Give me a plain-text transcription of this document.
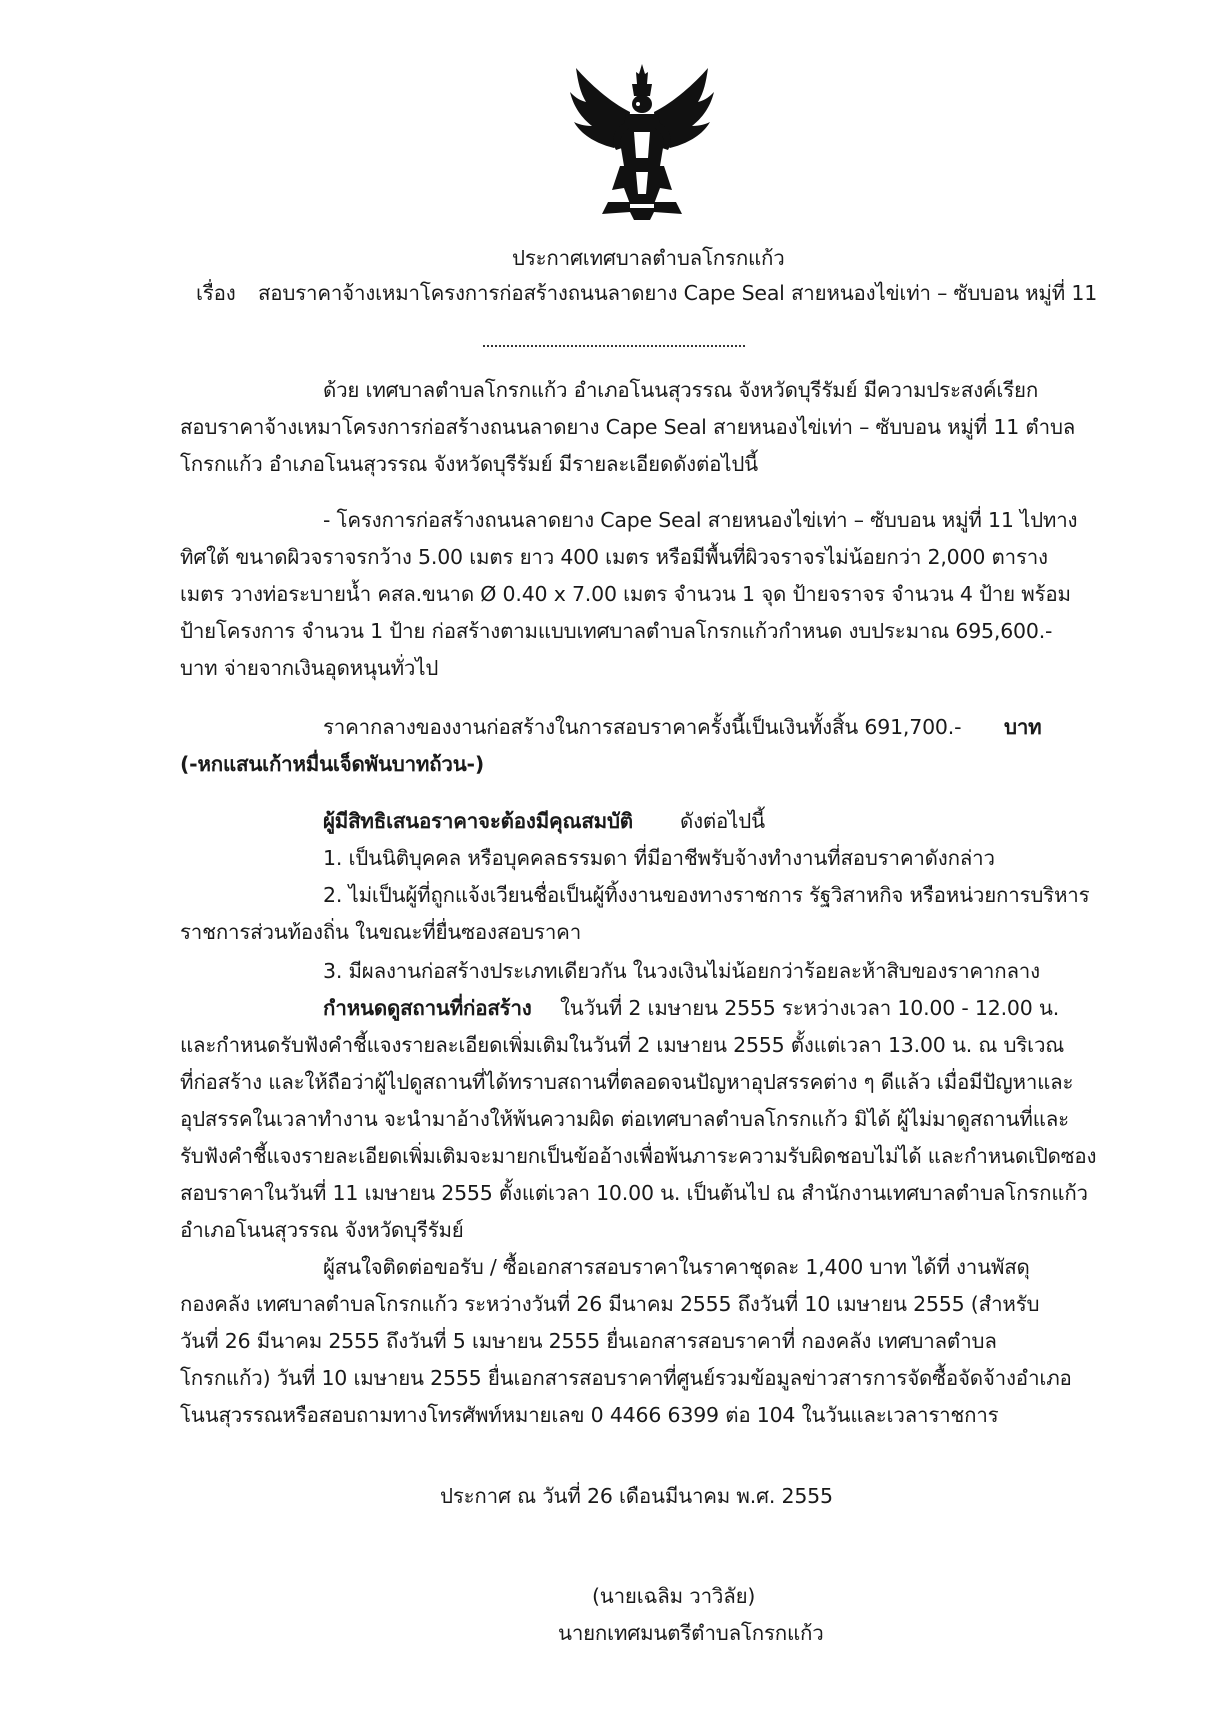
ประกาศเทศบาลตำบลโกรกแก้ว
เรื่อง สอบราคาจ้างเหมาโครงการก่อสร้างถนนลาดยาง Cape Seal สายหนองไข่เท่า – ซับบอน หมู่ที่ 11
ด้วย เทศบาลตำบลโกรกแก้ว อำเภอโนนสุวรรณ จังหวัดบุรีรัมย์ มีความประสงค์เรียก
สอบราคาจ้างเหมาโครงการก่อสร้างถนนลาดยาง Cape Seal สายหนองไข่เท่า – ซับบอน หมู่ที่ 11 ตำบล
โกรกแก้ว อำเภอโนนสุวรรณ จังหวัดบุรีรัมย์ มีรายละเอียดดังต่อไปนี้
- โครงการก่อสร้างถนนลาดยาง Cape Seal สายหนองไข่เท่า – ซับบอน หมู่ที่ 11 ไปทาง
ทิศใต้ ขนาดผิวจราจรกว้าง 5.00 เมตร ยาว 400 เมตร หรือมีพื้นที่ผิวจราจรไม่น้อยกว่า 2,000 ตาราง
เมตร วางท่อระบายน้ำ คสล.ขนาด Ø 0.40 x 7.00 เมตร จำนวน 1 จุด ป้ายจราจร จำนวน 4 ป้าย พร้อม
ป้ายโครงการ จำนวน 1 ป้าย ก่อสร้างตามแบบเทศบาลตำบลโกรกแก้วกำหนด งบประมาณ 695,600.-
บาท จ่ายจากเงินอุดหนุนทั่วไป
ราคากลางของงานก่อสร้างในการสอบราคาครั้งนี้เป็นเงินทั้งสิ้น 691,700.- บาท
(-หกแสนเก้าหมื่นเจ็ดพันบาทถ้วน-)
ผู้มีสิทธิเสนอราคาจะต้องมีคุณสมบัติ ดังต่อไปนี้
1. เป็นนิติบุคคล หรือบุคคลธรรมดา ที่มีอาชีพรับจ้างทำงานที่สอบราคาดังกล่าว
2. ไม่เป็นผู้ที่ถูกแจ้งเวียนชื่อเป็นผู้ทิ้งงานของทางราชการ รัฐวิสาหกิจ หรือหน่วยการบริหาร
ราชการส่วนท้องถิ่น ในขณะที่ยื่นซองสอบราคา
3. มีผลงานก่อสร้างประเภทเดียวกัน ในวงเงินไม่น้อยกว่าร้อยละห้าสิบของราคากลาง
กำหนดดูสถานที่ก่อสร้าง ในวันที่ 2 เมษายน 2555 ระหว่างเวลา 10.00 - 12.00 น.
และกำหนดรับฟังคำชี้แจงรายละเอียดเพิ่มเติมในวันที่ 2 เมษายน 2555 ตั้งแต่เวลา 13.00 น. ณ บริเวณ
ที่ก่อสร้าง และให้ถือว่าผู้ไปดูสถานที่ได้ทราบสถานที่ตลอดจนปัญหาอุปสรรคต่าง ๆ ดีแล้ว เมื่อมีปัญหาและ
อุปสรรคในเวลาทำงาน จะนำมาอ้างให้พ้นความผิด ต่อเทศบาลตำบลโกรกแก้ว มิได้ ผู้ไม่มาดูสถานที่และ
รับฟังคำชี้แจงรายละเอียดเพิ่มเติมจะมายกเป็นข้ออ้างเพื่อพ้นภาระความรับผิดชอบไม่ได้ และกำหนดเปิดซอง
สอบราคาในวันที่ 11 เมษายน 2555 ตั้งแต่เวลา 10.00 น. เป็นต้นไป ณ สำนักงานเทศบาลตำบลโกรกแก้ว
อำเภอโนนสุวรรณ จังหวัดบุรีรัมย์
ผู้สนใจติดต่อขอรับ / ซื้อเอกสารสอบราคาในราคาชุดละ 1,400 บาท ได้ที่ งานพัสดุ
กองคลัง เทศบาลตำบลโกรกแก้ว ระหว่างวันที่ 26 มีนาคม 2555 ถึงวันที่ 10 เมษายน 2555 (สำหรับ
วันที่ 26 มีนาคม 2555 ถึงวันที่ 5 เมษายน 2555 ยื่นเอกสารสอบราคาที่ กองคลัง เทศบาลตำบล
โกรกแก้ว) วันที่ 10 เมษายน 2555 ยื่นเอกสารสอบราคาที่ศูนย์รวมข้อมูลข่าวสารการจัดซื้อจัดจ้างอำเภอ
โนนสุวรรณหรือสอบถามทางโทรศัพท์หมายเลข 0 4466 6399 ต่อ 104 ในวันและเวลาราชการ
ประกาศ ณ วันที่ 26 เดือนมีนาคม พ.ศ. 2555
(นายเฉลิม วาวิลัย)
นายกเทศมนตรีตำบลโกรกแก้ว
